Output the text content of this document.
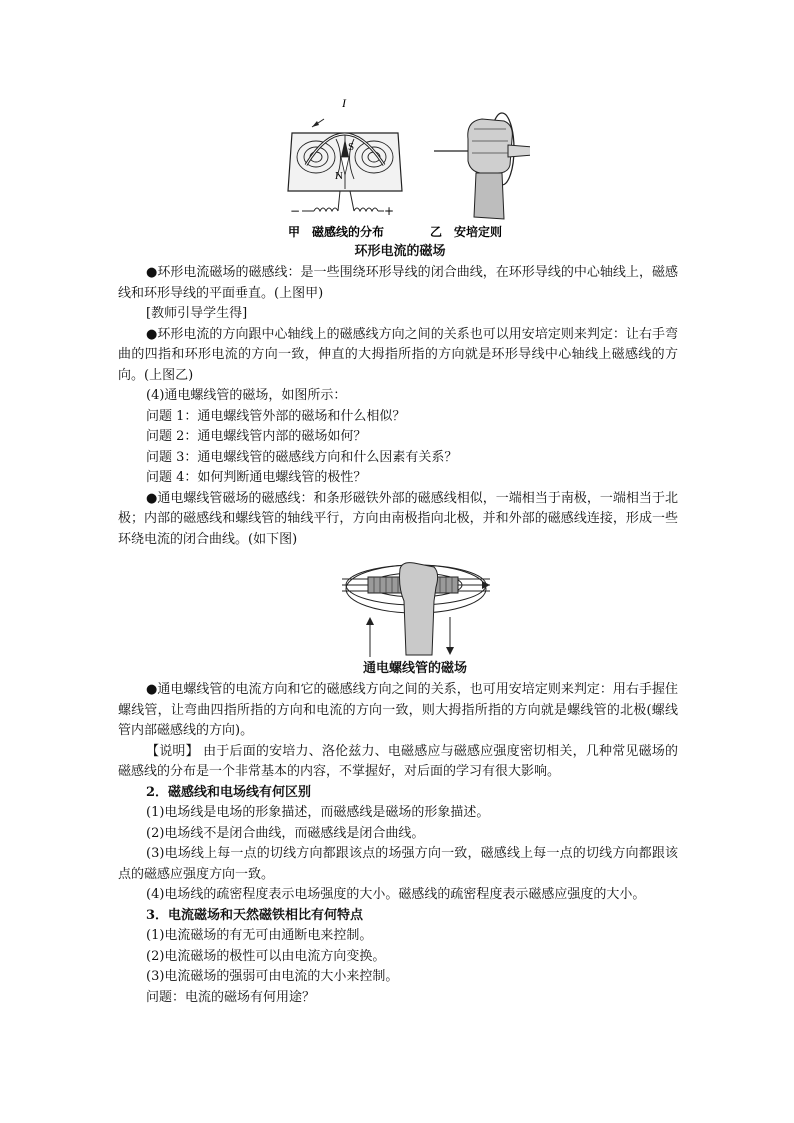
I
S
N
−	+
甲　磁感线的分布	乙　安培定则
环形电流的磁场

●环形电流磁场的磁感线：是一些围绕环形导线的闭合曲线，在环形导线的中心轴线上，磁感线和环形导线的平面垂直。(上图甲)

[教师引导学生得]

●环形电流的方向跟中心轴线上的磁感线方向之间的关系也可以用安培定则来判定：让右手弯曲的四指和环形电流的方向一致，伸直的大拇指所指的方向就是环形导线中心轴线上磁感线的方向。(上图乙)

(4)通电螺线管的磁场，如图所示：

问题 1：通电螺线管外部的磁场和什么相似？

问题 2：通电螺线管内部的磁场如何？

问题 3：通电螺线管的磁感线方向和什么因素有关系？

问题 4：如何判断通电螺线管的极性？

●通电螺线管磁场的磁感线：和条形磁铁外部的磁感线相似，一端相当于南极，一端相当于北极；内部的磁感线和螺线管的轴线平行，方向由南极指向北极，并和外部的磁感线连接，形成一些环绕电流的闭合曲线。(如下图)

通电螺线管的磁场

●通电螺线管的电流方向和它的磁感线方向之间的关系，也可用安培定则来判定：用右手握住螺线管，让弯曲四指所指的方向和电流的方向一致，则大拇指所指的方向就是螺线管的北极(螺线管内部磁感线的方向)。

【说明】 由于后面的安培力、洛伦兹力、电磁感应与磁感应强度密切相关，几种常见磁场的磁感线的分布是一个非常基本的内容，不掌握好，对后面的学习有很大影响。

2．磁感线和电场线有何区别

(1)电场线是电场的形象描述，而磁感线是磁场的形象描述。

(2)电场线不是闭合曲线，而磁感线是闭合曲线。

(3)电场线上每一点的切线方向都跟该点的场强方向一致，磁感线上每一点的切线方向都跟该点的磁感应强度方向一致。

(4)电场线的疏密程度表示电场强度的大小。磁感线的疏密程度表示磁感应强度的大小。

3．电流磁场和天然磁铁相比有何特点

(1)电流磁场的有无可由通断电来控制。

(2)电流磁场的极性可以由电流方向变换。

(3)电流磁场的强弱可由电流的大小来控制。

问题：电流的磁场有何用途？
